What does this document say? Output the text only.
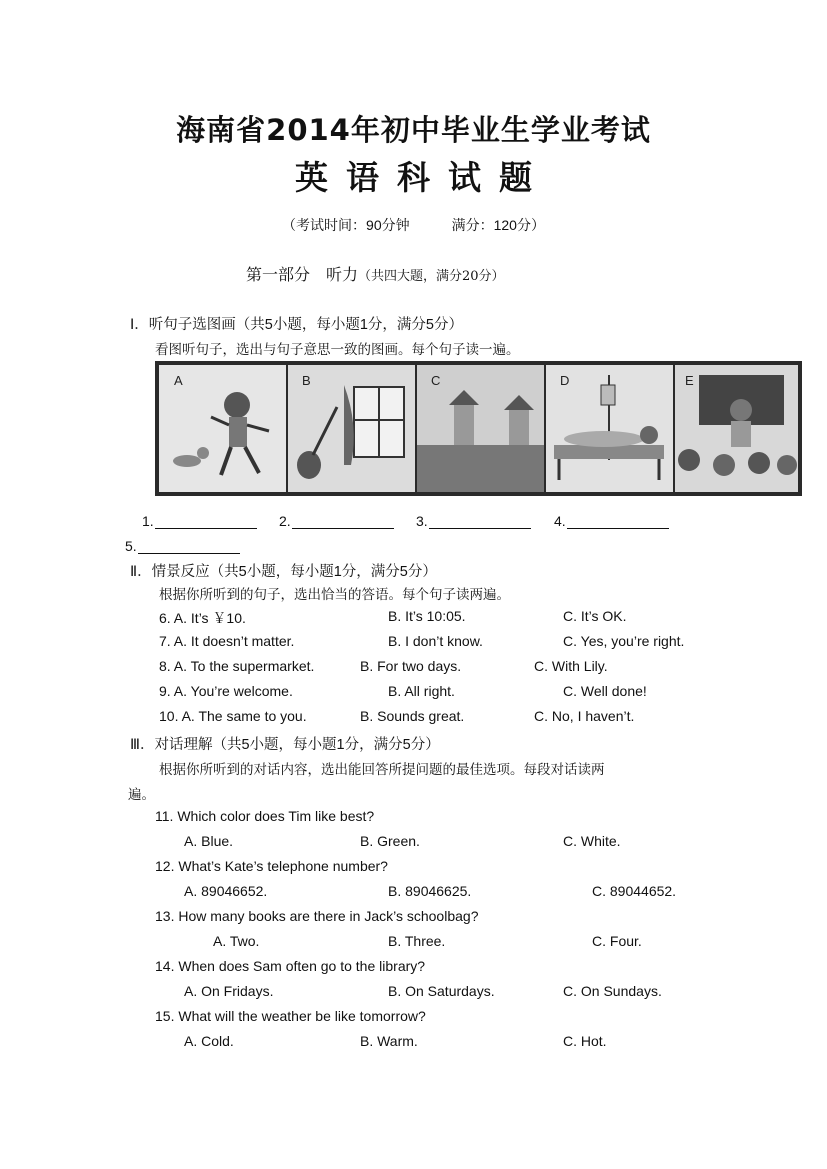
海南省2014年初中毕业生学业考试
英语科试题
（考试时间：90分钟	满分：120分）
第一部分　听力（共四大题，满分20分）
Ⅰ．听句子选图画（共5小题，每小题1分，满分5分）
看图听句子，选出与句子意思一致的图画。每个句子读一遍。
A	B	C	D	E
1.	2.	3.	4.
5.
Ⅱ．情景反应（共5小题，每小题1分，满分5分）
根据你所听到的句子，选出恰当的答语。每个句子读两遍。
6. A. It’s ￥10.	B. It’s 10:05.	C. It’s OK.
7. A. It doesn’t matter.	B. I don’t know.	C. Yes, you’re right.
8. A. To the supermarket.	B. For two days.	C. With Lily.
9. A. You’re welcome.	B. All right.	C. Well done!
10. A. The same to you.	B. Sounds great.	C. No, I haven’t.
Ⅲ．对话理解（共5小题，每小题1分，满分5分）
根据你所听到的对话内容，选出能回答所提问题的最佳选项。每段对话读两
遍。
11. Which color does Tim like best?
A. Blue.	B. Green.	C. White.
12. What’s Kate’s telephone number?
A. 89046652.	B. 89046625.	C. 89044652.
13. How many books are there in Jack’s schoolbag?
A. Two.	B. Three.	C. Four.
14. When does Sam often go to the library?
A. On Fridays.	B. On Saturdays.	C. On Sundays.
15. What will the weather be like tomorrow?
A. Cold.	B. Warm.	C. Hot.
